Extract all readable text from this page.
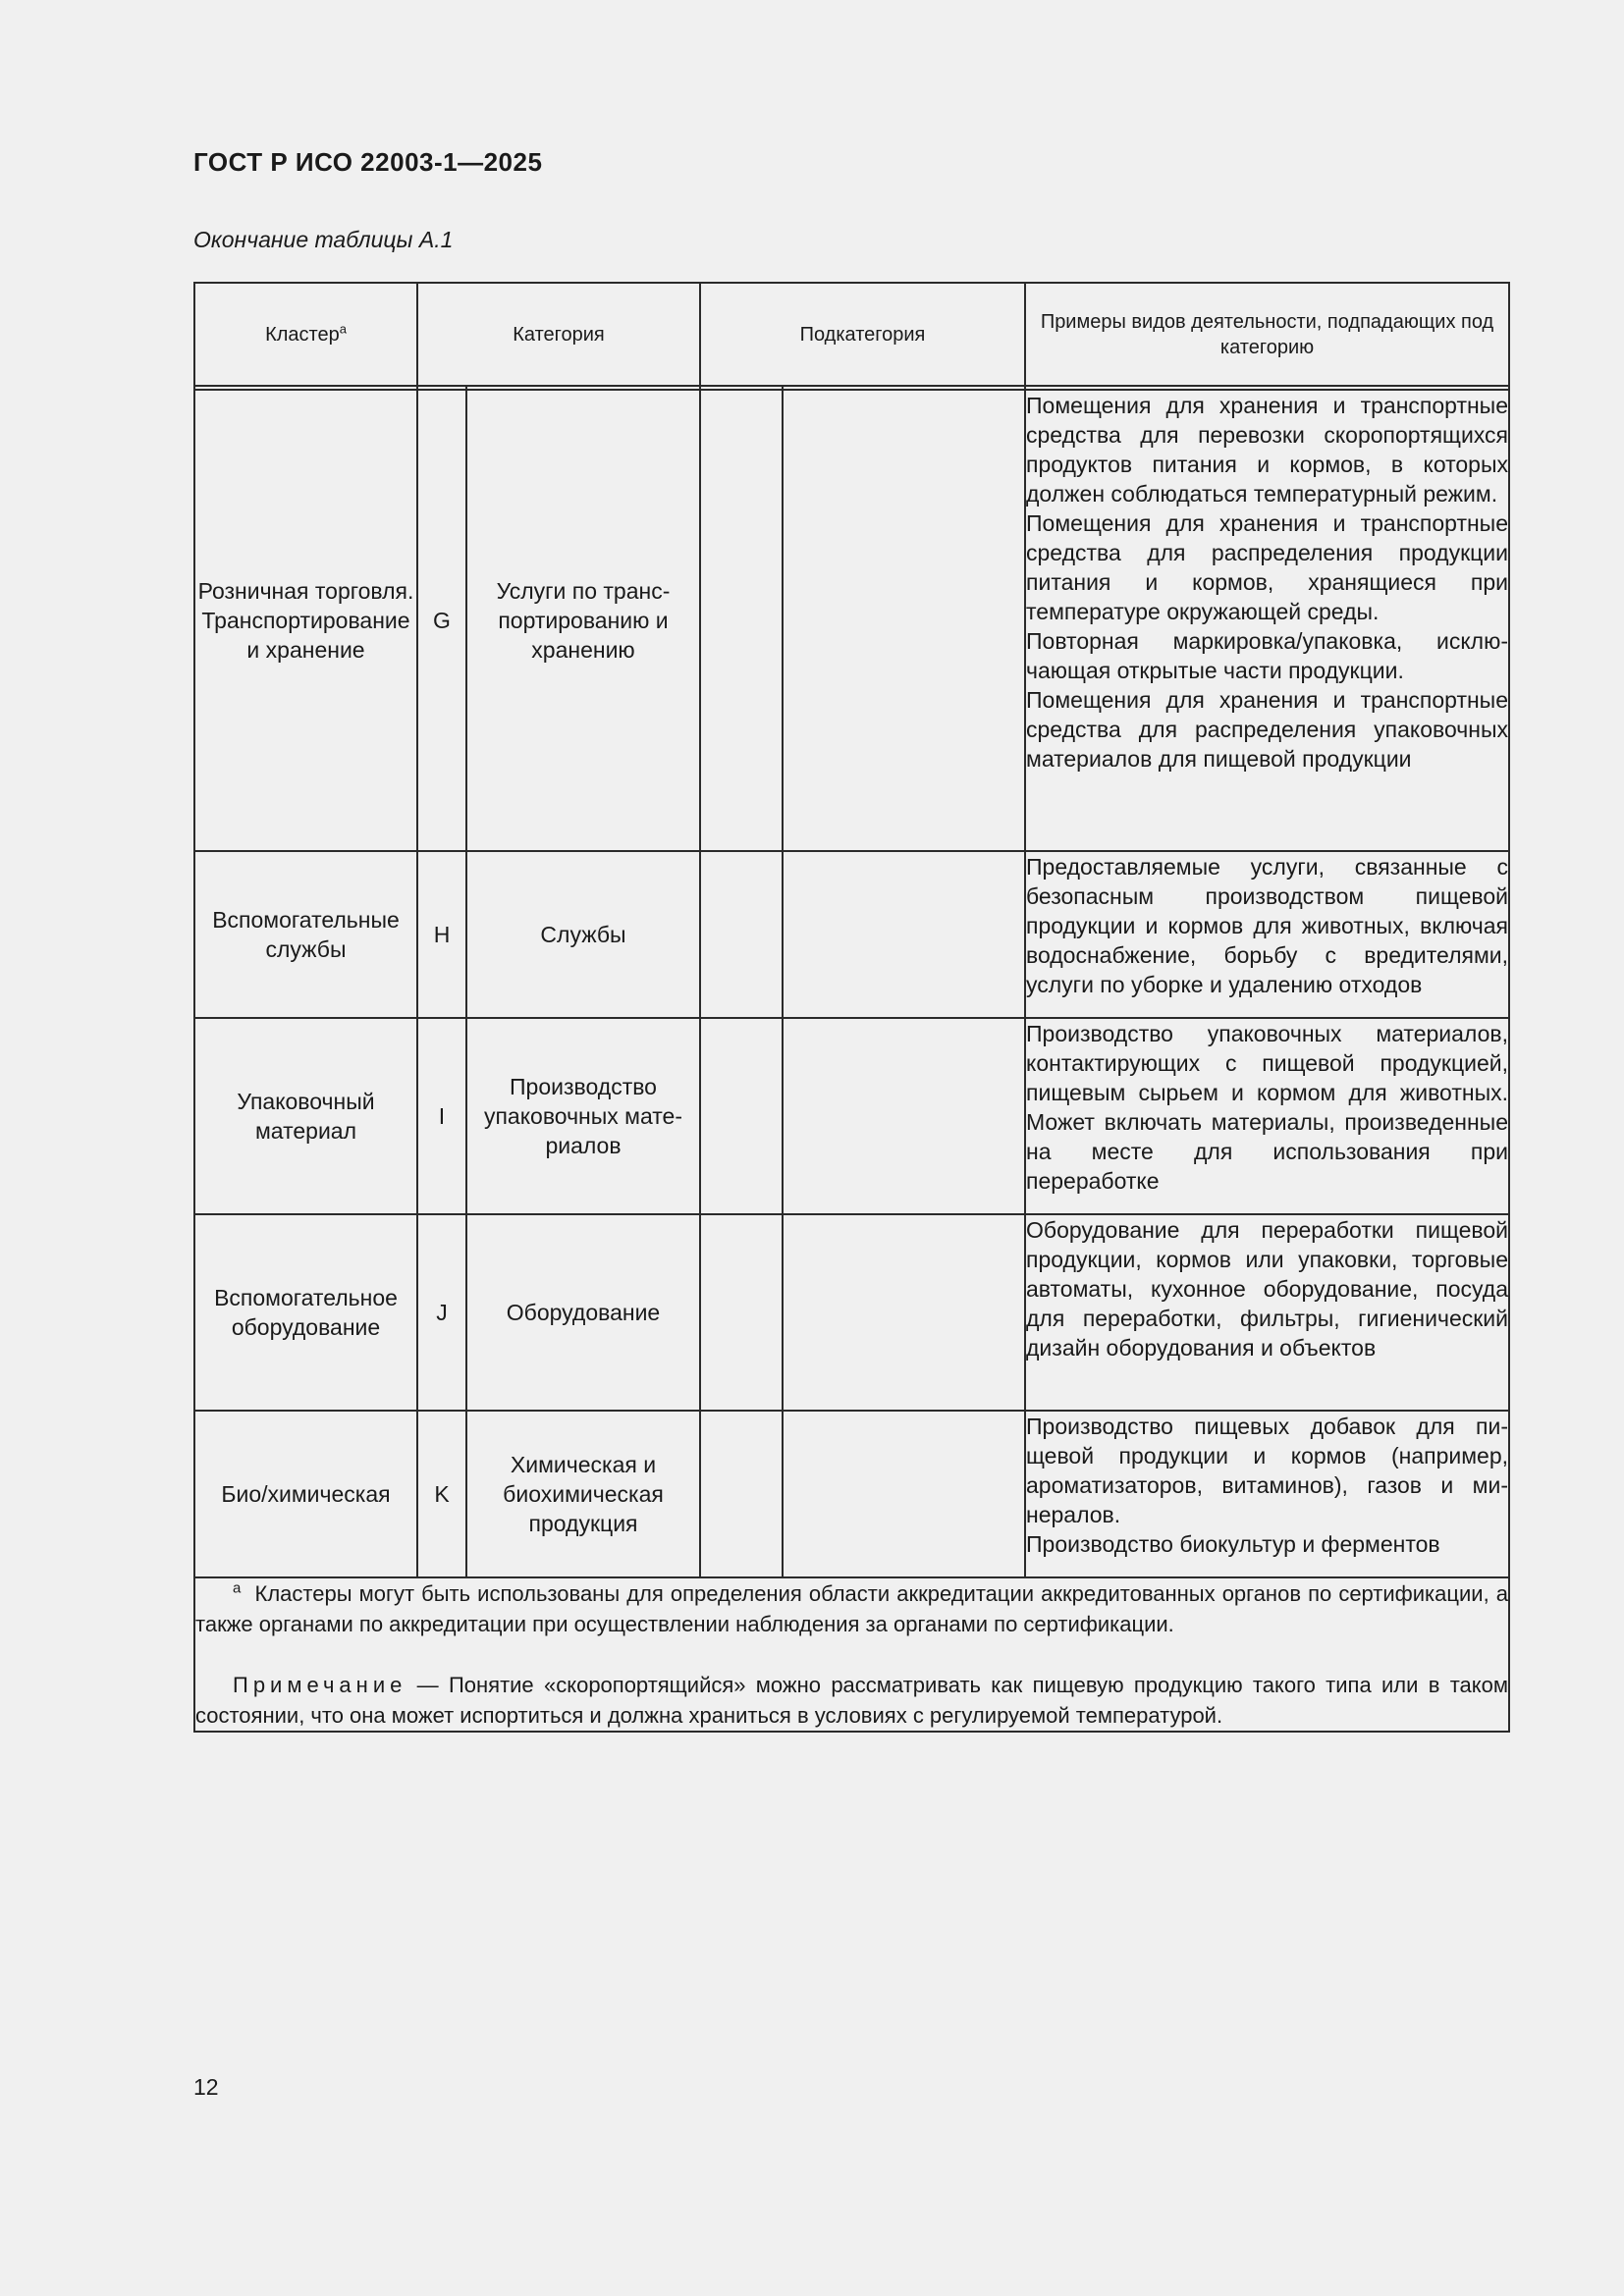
ГОСТ Р ИСО 22003-1—2025
Окончание таблицы А.1
Кластер$^а$	Категория		Подкатегория		Примеры видов деятельности, подпадающих под категорию

Розничная торговля. Транспортирование и хранение	G	Услуги по транспортированию и хранению			Помещения для хранения и транспортные средства для перевозки скоропортящихся продуктов питания и кормов, в которых должен соблюдаться температурный режим.

Помещения для хранения и транспортные средства для распределения продукции питания и кормов, хранящиеся при температуре окружающей среды.

Повторная маркировка/упаковка, исключающая открытые части продукции.

Помещения для хранения и транспортные средства для распределения упаковочных материалов для пищевой продукции

Вспомогательные службы	H	Службы			Предоставляемые услуги, связанные с безопасным производством пищевой продукции и кормов для животных, включая водоснабжение, борьбу с вредителями, услуги по уборке и удалению отходов

Упаковочный материал	I	Производство упаковочных материалов			Производство упаковочных материалов, контактирующих с пищевой продукцией, пищевым сырьем и кормом для животных. Может включать материалы, произведенные на месте для использования при переработке

Вспомогательное оборудование	J	Оборудование			Оборудование для переработки пищевой продукции, кормов или упаковки, торговые автоматы, кухонное оборудование, посуда для переработки, фильтры, гигиенический дизайн оборудования и объектов

Био/химическая	K	Химическая и биохимическая продукция			Производство пищевых добавок для пищевой продукции и кормов (например, ароматизаторов, витаминов), газов и минералов.

Производство биокультур и ферментов

$^а$ Кластеры могут быть использованы для определения области аккредитации аккредитованных органов по сертификации, а также органами по аккредитации при осуществлении наблюдения за органами по сертификации.

Примечание — Понятие «скоропортящийся» можно рассматривать как пищевую продукцию такого типа или в таком состоянии, что она может испортиться и должна храниться в условиях с регулируемой температурой.					

12
